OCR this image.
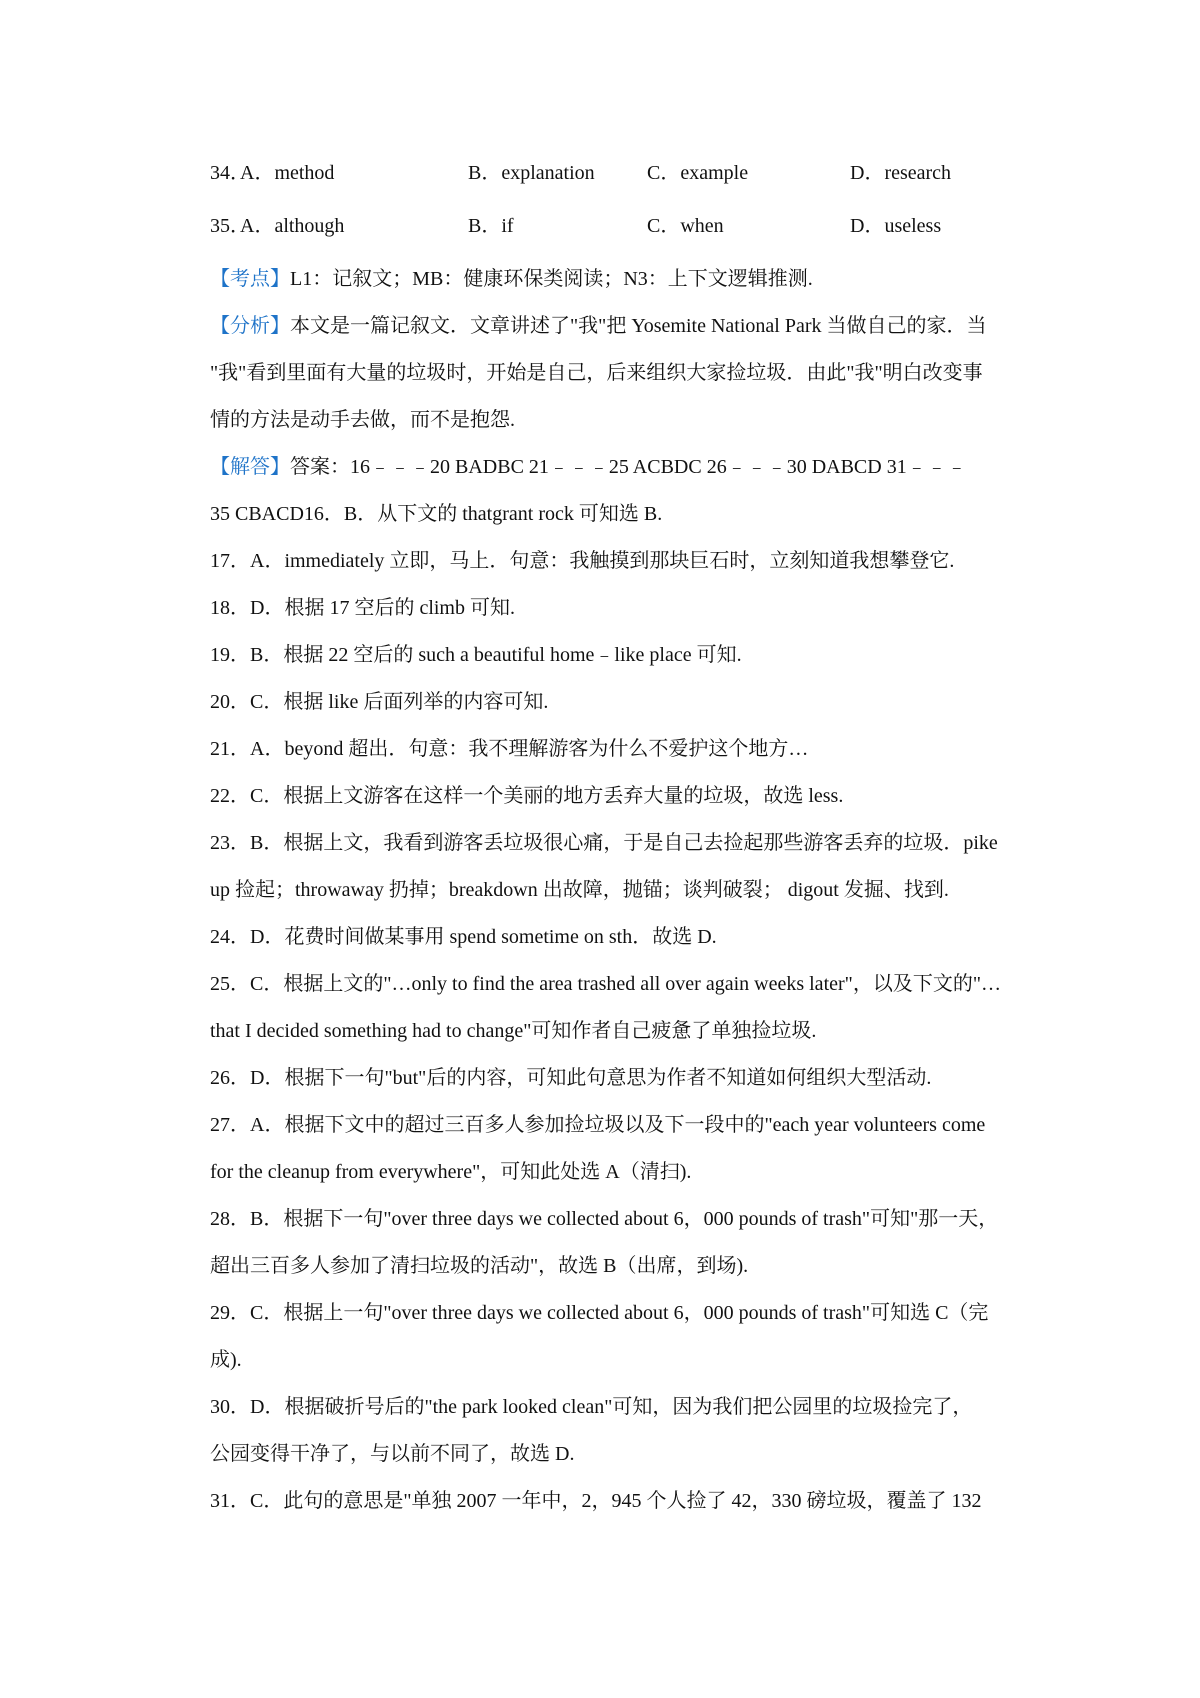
34．
A．method	B．explanation	C．example	D．research
35．
A．although	B．if	C．when	D．useless
【考点】L1：记叙文；MB：健康环保类阅读；N3：上下文逻辑推测.
【分析】本文是一篇记叙文．文章讲述了"我"把 Yosemite National Park 当做自己的家．当
"我"看到里面有大量的垃圾时，开始是自己，后来组织大家捡垃圾．由此"我"明白改变事
情的方法是动手去做，而不是抱怨.
【解答】答案：16﹣﹣﹣20 BADBC 21﹣﹣﹣25 ACBDC 26﹣﹣﹣30 DABCD 31﹣﹣﹣
35 CBACD16．B．从下文的 thatgrant rock 可知选 B.
17．A．immediately 立即，马上．句意：我触摸到那块巨石时，立刻知道我想攀登它.
18．D．根据 17 空后的 climb 可知.
19．B．根据 22 空后的 such a beautiful home﹣like place 可知.
20．C．根据 like 后面列举的内容可知.
21．A．beyond 超出．句意：我不理解游客为什么不爱护这个地方…
22．C．根据上文游客在这样一个美丽的地方丢弃大量的垃圾，故选 less.
23．B．根据上文，我看到游客丢垃圾很心痛，于是自己去捡起那些游客丢弃的垃圾．pike
up 捡起；throwaway 扔掉；breakdown 出故障，抛锚；谈判破裂； digout 发掘、找到.
24．D．花费时间做某事用 spend sometime on sth．故选 D.
25．C．根据上文的"…only to find the area trashed all over again weeks later"，以及下文的"…
that I decided something had to change"可知作者自己疲惫了单独捡垃圾.
26．D．根据下一句"but"后的内容，可知此句意思为作者不知道如何组织大型活动.
27．A．根据下文中的超过三百多人参加捡垃圾以及下一段中的"each year volunteers come
for the cleanup from everywhere"，可知此处选 A（清扫).
28．B．根据下一句"over three days we collected about 6，000 pounds of trash"可知"那一天，
超出三百多人参加了清扫垃圾的活动"，故选 B（出席，到场).
29．C．根据上一句"over three days we collected about 6，000 pounds of trash"可知选 C（完
成).
30．D．根据破折号后的"the park looked clean"可知，因为我们把公园里的垃圾捡完了，
公园变得干净了，与以前不同了，故选 D.
31．C．此句的意思是"单独 2007 一年中，2，945 个人捡了 42，330 磅垃圾，覆盖了 132
